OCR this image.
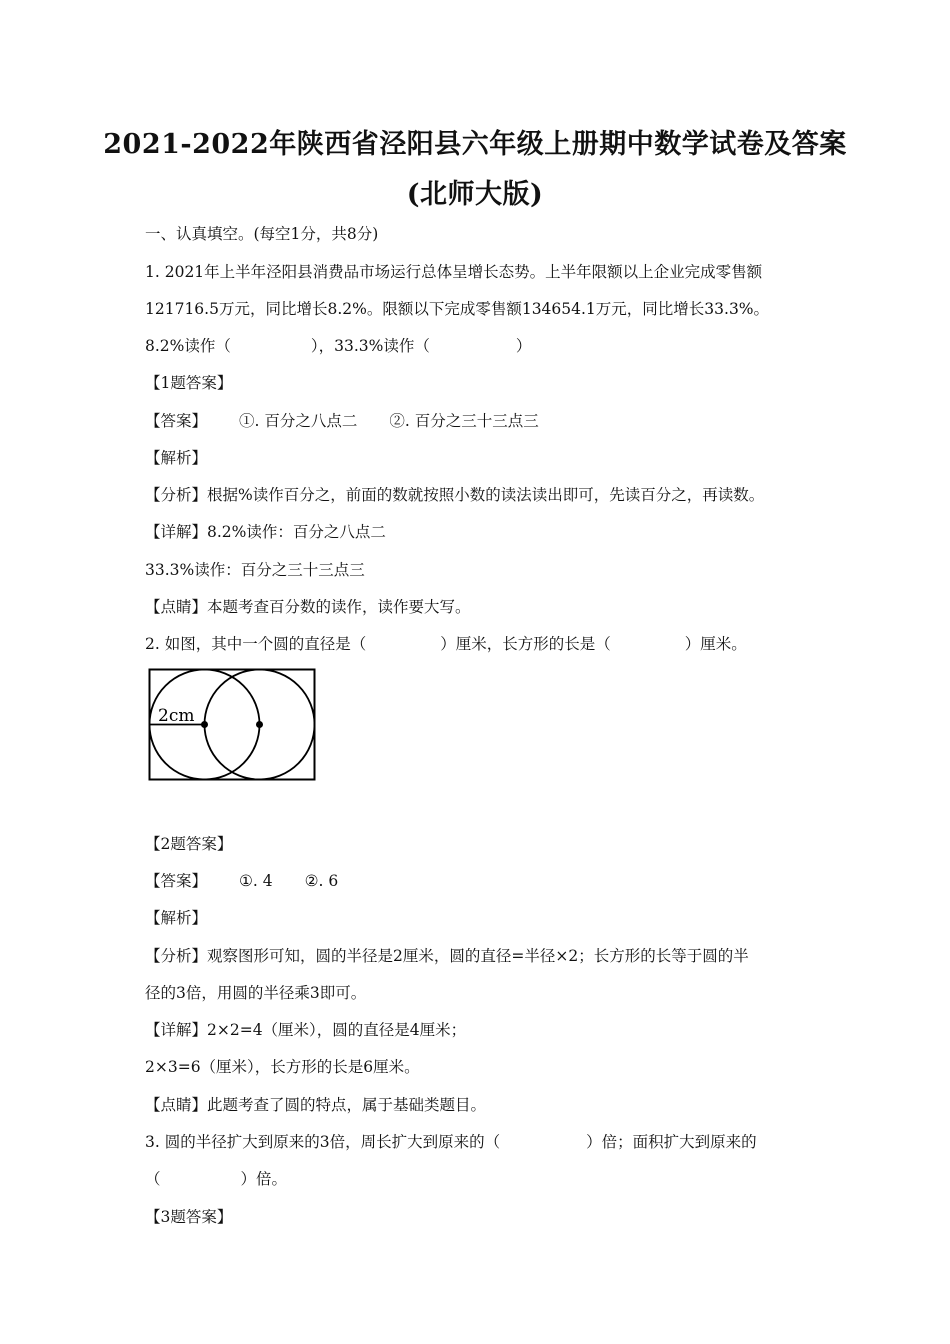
2021-2022年陕西省泾阳县六年级上册期中数学试卷及答案
(北师大版)
一、认真填空。(每空1分，共8分)
1. 2021年上半年泾阳县消费品市场运行总体呈增长态势。上半年限额以上企业完成零售额
121716.5万元，同比增长8.2%。限额以下完成零售额134654.1万元，同比增长33.3%。
8.2%读作（	），33.3%读作（	）
【1题答案】
【答案】 ①. 百分之八点二 ②. 百分之三十三点三
【解析】
【分析】根据%读作百分之，前面的数就按照小数的读法读出即可，先读百分之，再读数。
【详解】8.2%读作：百分之八点二
33.3%读作：百分之三十三点三
【点睛】本题考查百分数的读作，读作要大写。
2. 如图，其中一个圆的直径是（	）厘米，长方形的长是（	）厘米。
2cm
【2题答案】
【答案】 ①. 4 ②. 6
【解析】
【分析】观察图形可知，圆的半径是2厘米，圆的直径=半径×2；长方形的长等于圆的半
径的3倍，用圆的半径乘3即可。
【详解】2×2=4（厘米），圆的直径是4厘米；
2×3=6（厘米），长方形的长是6厘米。
【点睛】此题考查了圆的特点，属于基础类题目。
3. 圆的半径扩大到原来的3倍，周长扩大到原来的（	）倍；面积扩大到原来的
（	）倍。
【3题答案】
